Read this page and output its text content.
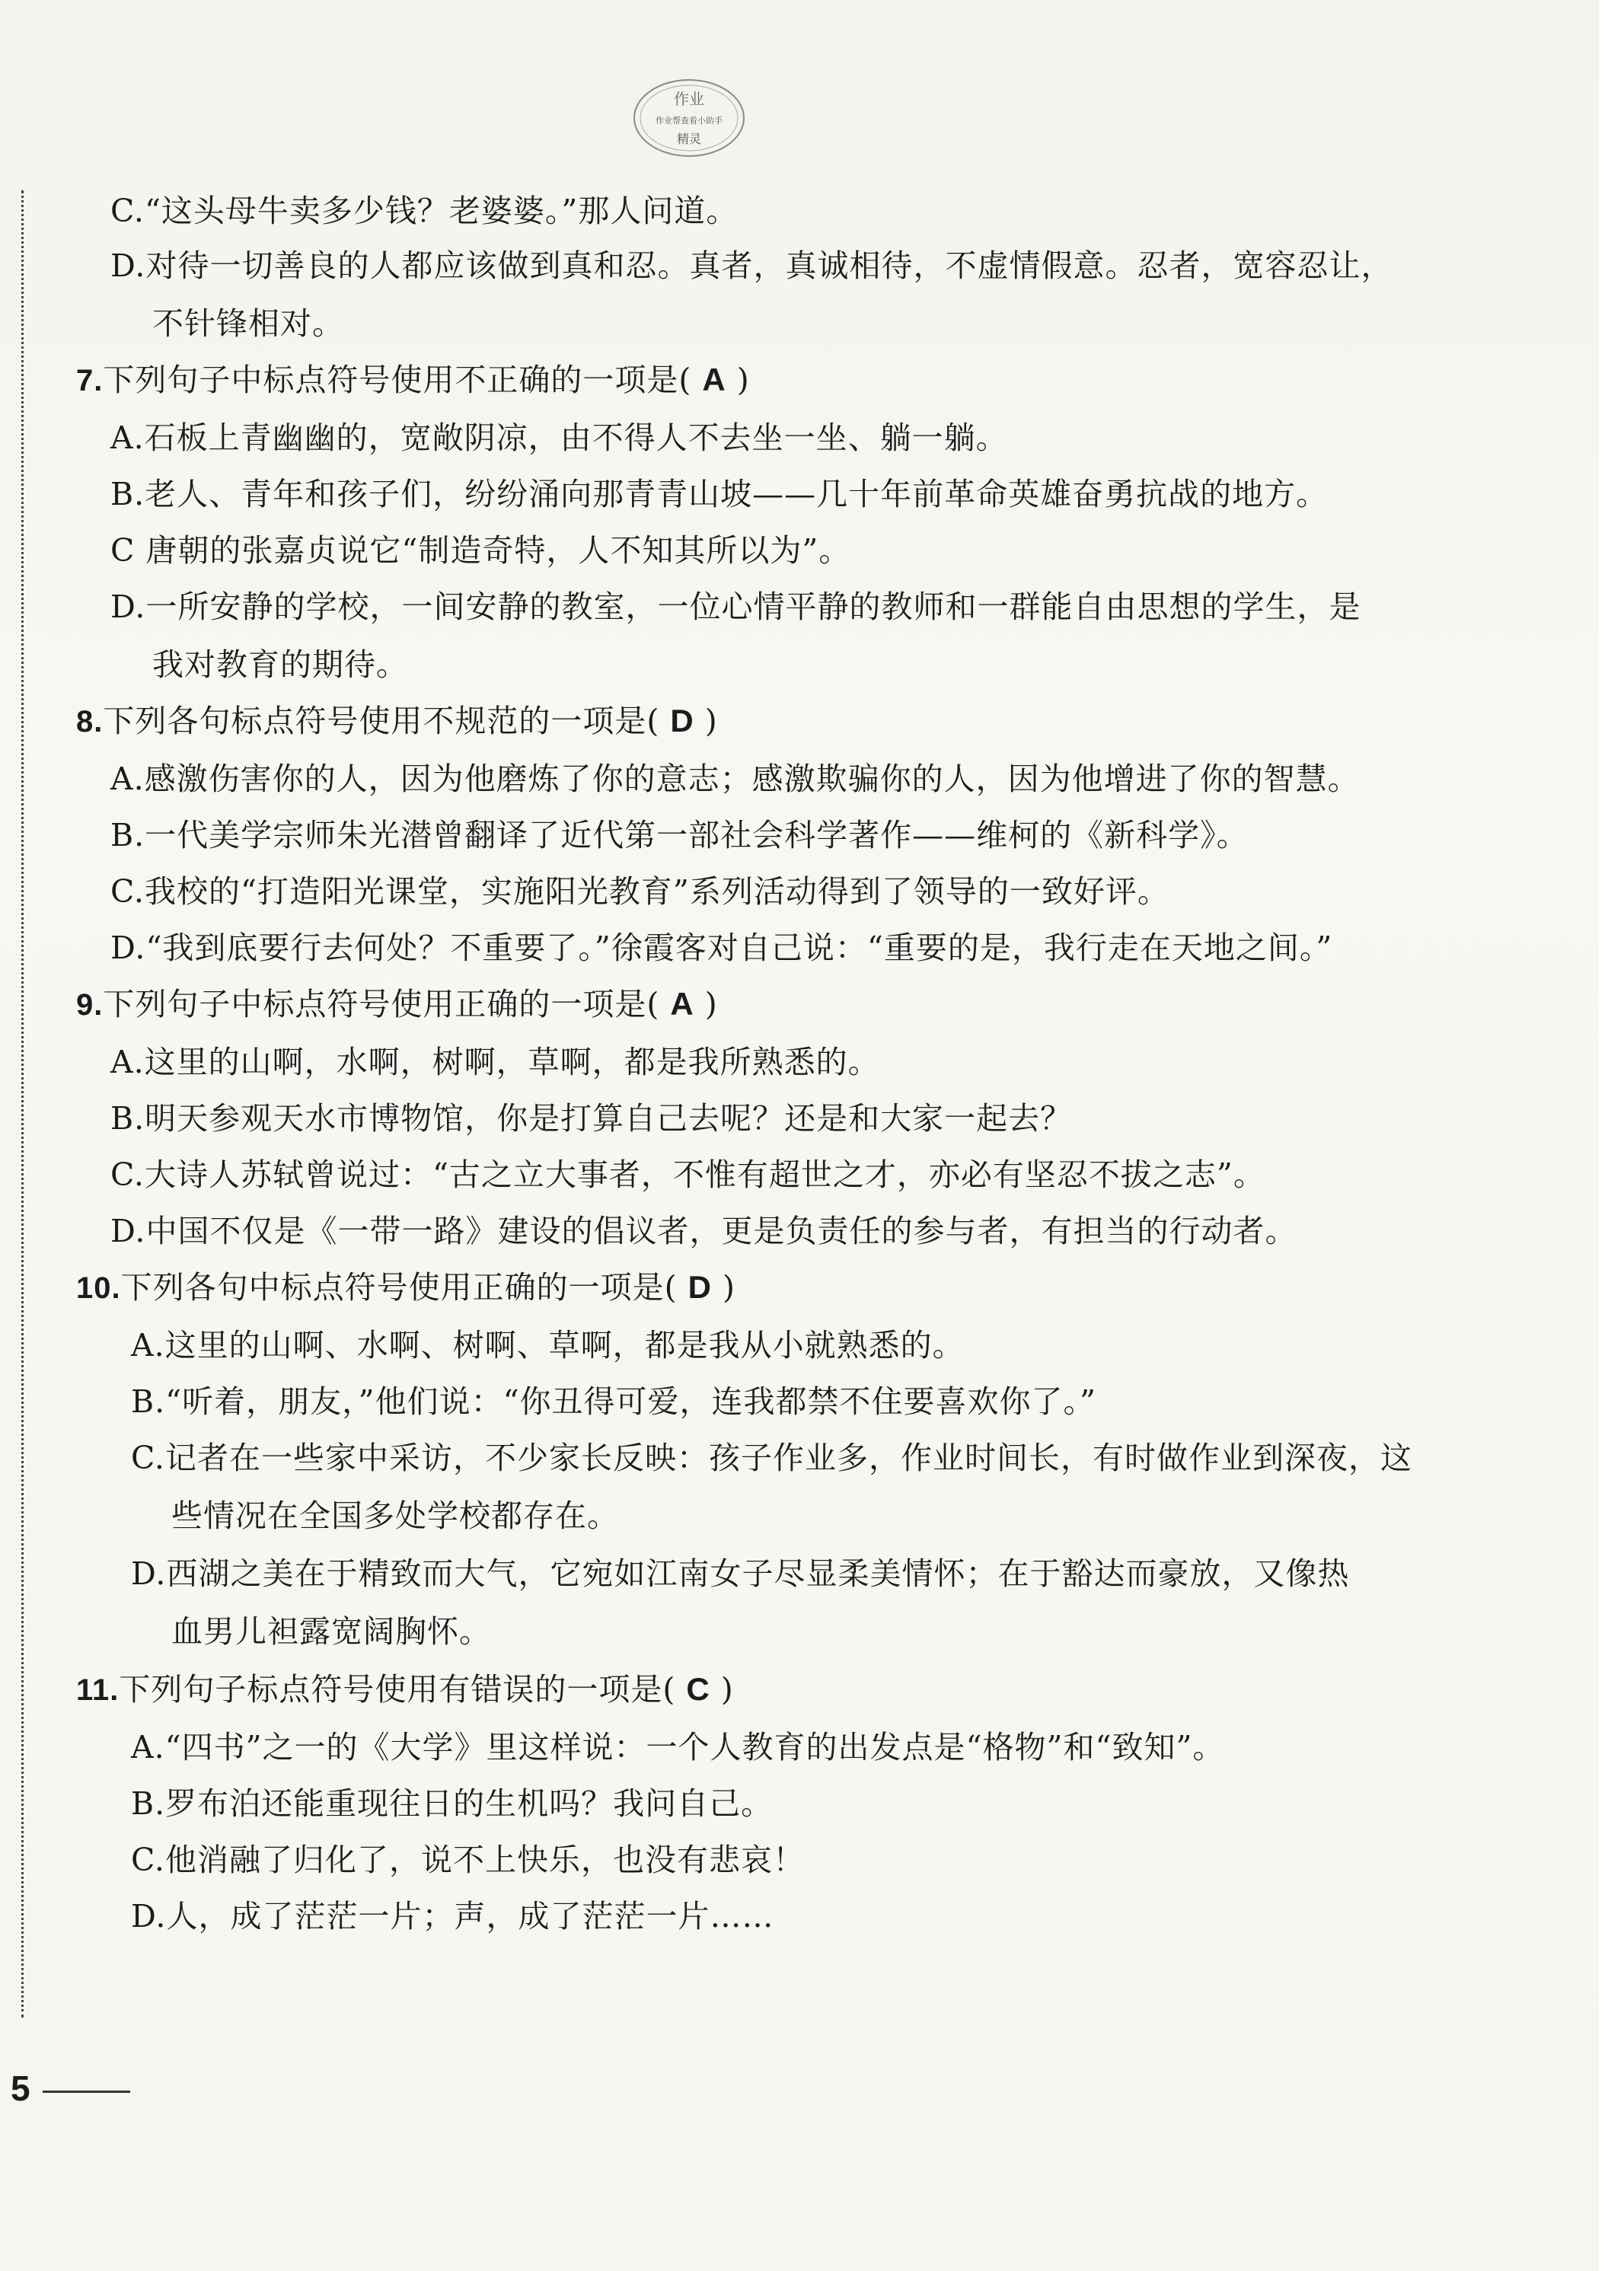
作业
作业帮查看小助手
精灵
C.“这头母牛卖多少钱？老婆婆。”那人问道。
D.对待一切善良的人都应该做到真和忍。真者，真诚相待，不虚情假意。忍者，宽容忍让，
不针锋相对。
7.下列句子中标点符号使用不正确的一项是( A )
A.石板上青幽幽的，宽敞阴凉，由不得人不去坐一坐、躺一躺。
B.老人、青年和孩子们，纷纷涌向那青青山坡——几十年前革命英雄奋勇抗战的地方。
C 唐朝的张嘉贞说它“制造奇特，人不知其所以为”。
D.一所安静的学校，一间安静的教室，一位心情平静的教师和一群能自由思想的学生，是
我对教育的期待。
8.下列各句标点符号使用不规范的一项是( D )
A.感激伤害你的人，因为他磨炼了你的意志；感激欺骗你的人，因为他增进了你的智慧。
B.一代美学宗师朱光潜曾翻译了近代第一部社会科学著作——维柯的《新科学》。
C.我校的“打造阳光课堂，实施阳光教育”系列活动得到了领导的一致好评。
D.“我到底要行去何处？不重要了。”徐霞客对自己说：“重要的是，我行走在天地之间。”
9.下列句子中标点符号使用正确的一项是( A )
A.这里的山啊，水啊，树啊，草啊，都是我所熟悉的。
B.明天参观天水市博物馆，你是打算自己去呢？还是和大家一起去？
C.大诗人苏轼曾说过：“古之立大事者，不惟有超世之才，亦必有坚忍不拔之志”。
D.中国不仅是《一带一路》建设的倡议者，更是负责任的参与者，有担当的行动者。
10.下列各句中标点符号使用正确的一项是( D )
A.这里的山啊、水啊、树啊、草啊，都是我从小就熟悉的。
B.“听着，朋友，”他们说：“你丑得可爱，连我都禁不住要喜欢你了。”
C.记者在一些家中采访，不少家长反映：孩子作业多，作业时间长，有时做作业到深夜，这
些情况在全国多处学校都存在。
D.西湖之美在于精致而大气，它宛如江南女子尽显柔美情怀；在于豁达而豪放，又像热
血男儿袒露宽阔胸怀。
11.下列句子标点符号使用有错误的一项是( C )
A.“四书”之一的《大学》里这样说：一个人教育的出发点是“格物”和“致知”。
B.罗布泊还能重现往日的生机吗？我问自己。
C.他消融了归化了，说不上快乐，也没有悲哀！
D.人，成了茫茫一片；声，成了茫茫一片……
5
